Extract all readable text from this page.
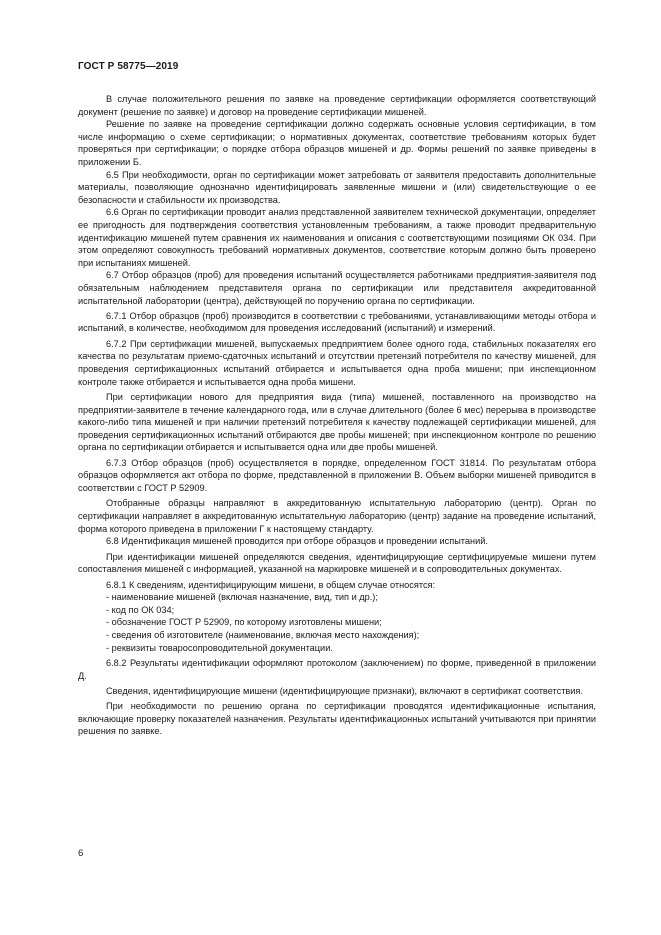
ГОСТ Р 58775—2019

В случае положительного решения по заявке на проведение сертификации оформляется соответствующий документ (решение по заявке) и договор на проведение сертификации мишеней.

Решение по заявке на проведение сертификации должно содержать основные условия сертификации, в том числе информацию о схеме сертификации; о нормативных документах, соответствие требованиям которых будет проверяться при сертификации; о порядке отбора образцов мишеней и др. Формы решений по заявке приведены в приложении Б.

6.5 При необходимости, орган по сертификации может затребовать от заявителя предоставить дополнительные материалы, позволяющие однозначно идентифицировать заявленные мишени и (или) свидетельствующие о ее безопасности и стабильности их производства.

6.6 Орган по сертификации проводит анализ представленной заявителем технической документации, определяет ее пригодность для подтверждения соответствия установленным требованиям, а также проводит предварительную идентификацию мишеней путем сравнения их наименования и описания с соответствующими позициями ОК 034. При этом определяют совокупность требований нормативных документов, соответствие которым должно быть проверено при испытаниях мишеней.

6.7 Отбор образцов (проб) для проведения испытаний осуществляется работниками предприятия-заявителя под обязательным наблюдением представителя органа по сертификации или представителя аккредитованной испытательной лаборатории (центра), действующей по поручению органа по сертификации.

6.7.1 Отбор образцов (проб) производится в соответствии с требованиями, устанавливающими методы отбора и испытаний, в количестве, необходимом для проведения исследований (испытаний) и измерений.

6.7.2 При сертификации мишеней, выпускаемых предприятием более одного года, стабильных показателях его качества по результатам приемо-сдаточных испытаний и отсутствии претензий потребителя по качеству мишеней, для проведения сертификационных испытаний отбирается и испытывается одна проба мишени; при инспекционном контроле также отбирается и испытывается одна проба мишени.

При сертификации нового для предприятия вида (типа) мишеней, поставленного на производство на предприятии-заявителе в течение календарного года, или в случае длительного (более 6 мес) перерыва в производстве какого-либо типа мишеней и при наличии претензий потребителя к качеству подлежащей сертификации мишеней, для проведения сертификационных испытаний отбираются две пробы мишеней; при инспекционном контроле по решению органа по сертификации отбирается и испытывается одна или две пробы мишеней.

6.7.3 Отбор образцов (проб) осуществляется в порядке, определенном ГОСТ 31814. По результатам отбора образцов оформляется акт отбора по форме, представленной в приложении В. Объем выборки мишеней приводится в соответствии с ГОСТ Р 52909.

Отобранные образцы направляют в аккредитованную испытательную лабораторию (центр). Орган по сертификации направляет в аккредитованную испытательную лабораторию (центр) задание на проведение испытаний, форма которого приведена в приложении Г к настоящему стандарту.

6.8 Идентификация мишеней проводится при отборе образцов и проведении испытаний.

При идентификации мишеней определяются сведения, идентифицирующие сертифицируемые мишени путем сопоставления мишеней с информацией, указанной на маркировке мишеней и в сопроводительных документах.

6.8.1 К сведениям, идентифицирующим мишени, в общем случае относятся:

- наименование мишеней (включая назначение, вид, тип и др.);
- код по ОК 034;
- обозначение ГОСТ Р 52909, по которому изготовлены мишени;
- сведения об изготовителе (наименование, включая место нахождения);
- реквизиты товаросопроводительной документации.

6.8.2 Результаты идентификации оформляют протоколом (заключением) по форме, приведенной в приложении Д.

Сведения, идентифицирующие мишени (идентифицирующие признаки), включают в сертификат соответствия.

При необходимости по решению органа по сертификации проводятся идентификационные испытания, включающие проверку показателей назначения. Результаты идентификационных испытаний учитываются при принятии решения по заявке.

6
